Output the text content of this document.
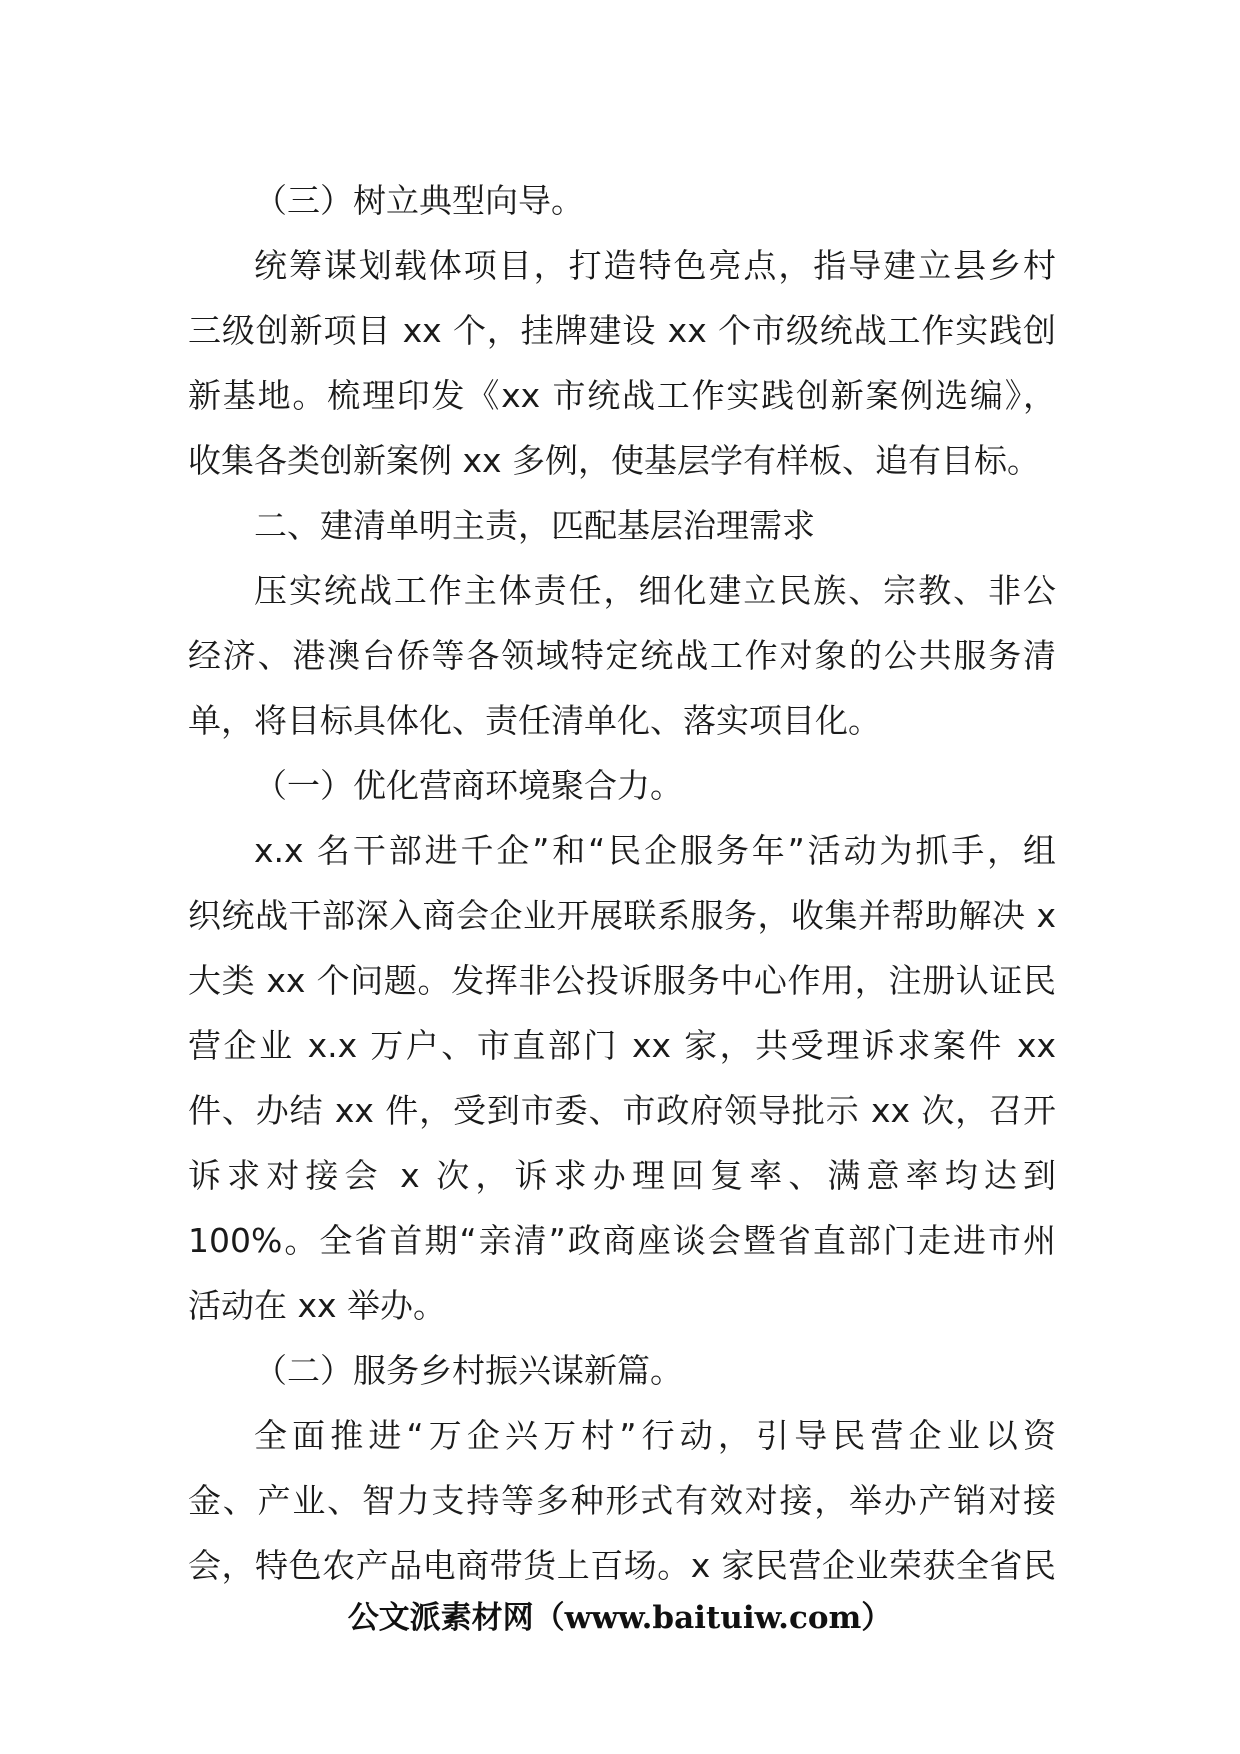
（三）树立典型向导。
统筹谋划载体项目，打造特色亮点，指导建立县乡村
三级创新项目 xx 个，挂牌建设 xx 个市级统战工作实践创
新基地。梳理印发《xx 市统战工作实践创新案例选编》，
收集各类创新案例 xx 多例，使基层学有样板、追有目标。
二、建清单明主责，匹配基层治理需求
压实统战工作主体责任，细化建立民族、宗教、非公
经济、港澳台侨等各领域特定统战工作对象的公共服务清
单，将目标具体化、责任清单化、落实项目化。
（一）优化营商环境聚合力。
x.x 名干部进千企”和“民企服务年”活动为抓手，组
织统战干部深入商会企业开展联系服务，收集并帮助解决 x
大类 xx 个问题。发挥非公投诉服务中心作用，注册认证民
营企业 x.x 万户、市直部门 xx 家，共受理诉求案件 xx
件、办结 xx 件，受到市委、市政府领导批示 xx 次，召开
诉求对接会 x 次，诉求办理回复率、满意率均达到
100%。全省首期“亲清”政商座谈会暨省直部门走进市州
活动在 xx 举办。
（二）服务乡村振兴谋新篇。
全面推进“万企兴万村”行动，引导民营企业以资
金、产业、智力支持等多种形式有效对接，举办产销对接
会，特色农产品电商带货上百场。x 家民营企业荣获全省民
公文派素材网（www.baituiw.com）
